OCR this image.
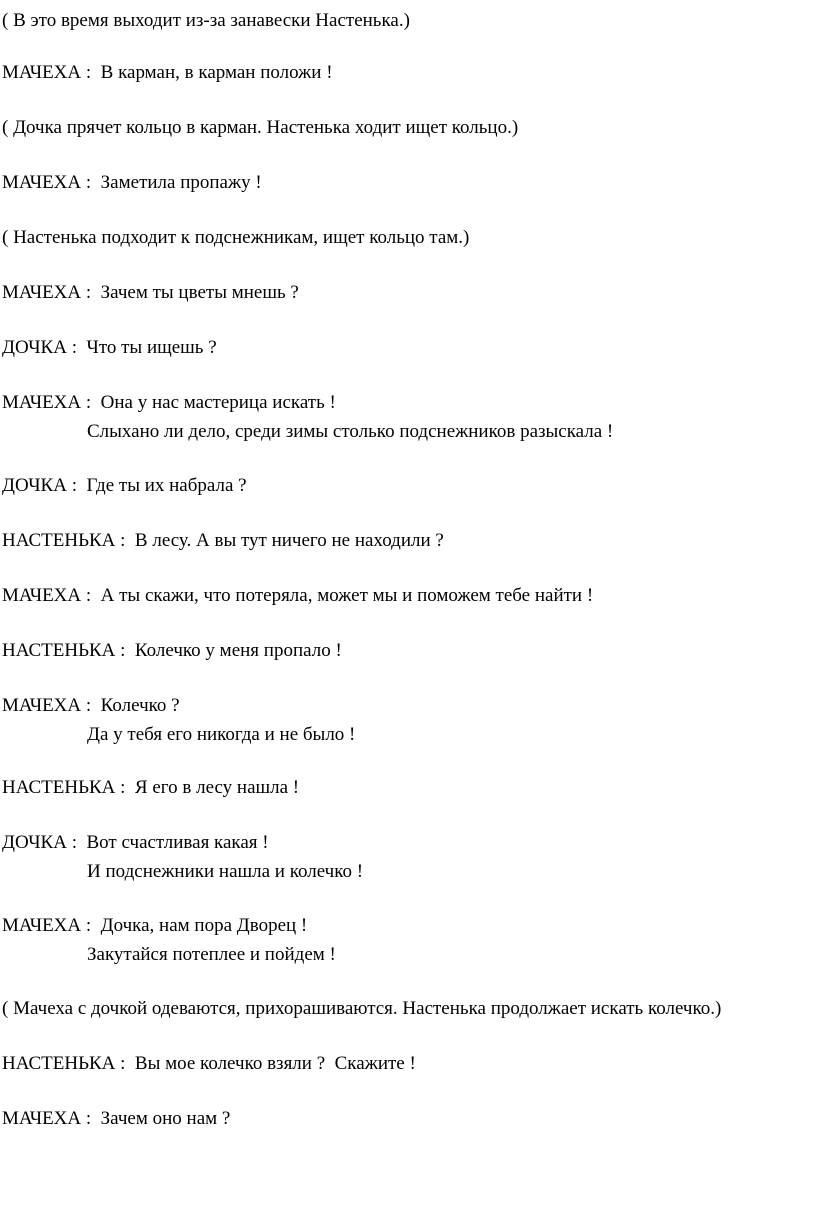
( В это время выходит из-за занавески Настенька.)
МАЧЕХА :  В карман, в карман положи !
( Дочка прячет кольцо в карман. Настенька ходит ищет кольцо.)
МАЧЕХА :  Заметила пропажу !
( Настенька подходит к подснежникам, ищет кольцо там.)
МАЧЕХА :  Зачем ты цветы мнешь ?
ДОЧКА :  Что ты ищешь ?
МАЧЕХА :  Она у нас мастерица искать !
Слыхано ли дело, среди зимы столько подснежников разыскала !
ДОЧКА :  Где ты их набрала ?
НАСТЕНЬКА :  В лесу. А вы тут ничего не находили ?
МАЧЕХА :  А ты скажи, что потеряла, может мы и поможем тебе найти !
НАСТЕНЬКА :  Колечко у меня пропало !
МАЧЕХА :  Колечко ?
Да у тебя его никогда и не было !
НАСТЕНЬКА :  Я его в лесу нашла !
ДОЧКА :  Вот счастливая какая !
И подснежники нашла и колечко !
МАЧЕХА :  Дочка, нам пора Дворец !
Закутайся потеплее и пойдем !
( Мачеха с дочкой одеваются, прихорашиваются. Настенька продолжает искать колечко.)
НАСТЕНЬКА :  Вы мое колечко взяли ?  Скажите !
МАЧЕХА :  Зачем оно нам ?
